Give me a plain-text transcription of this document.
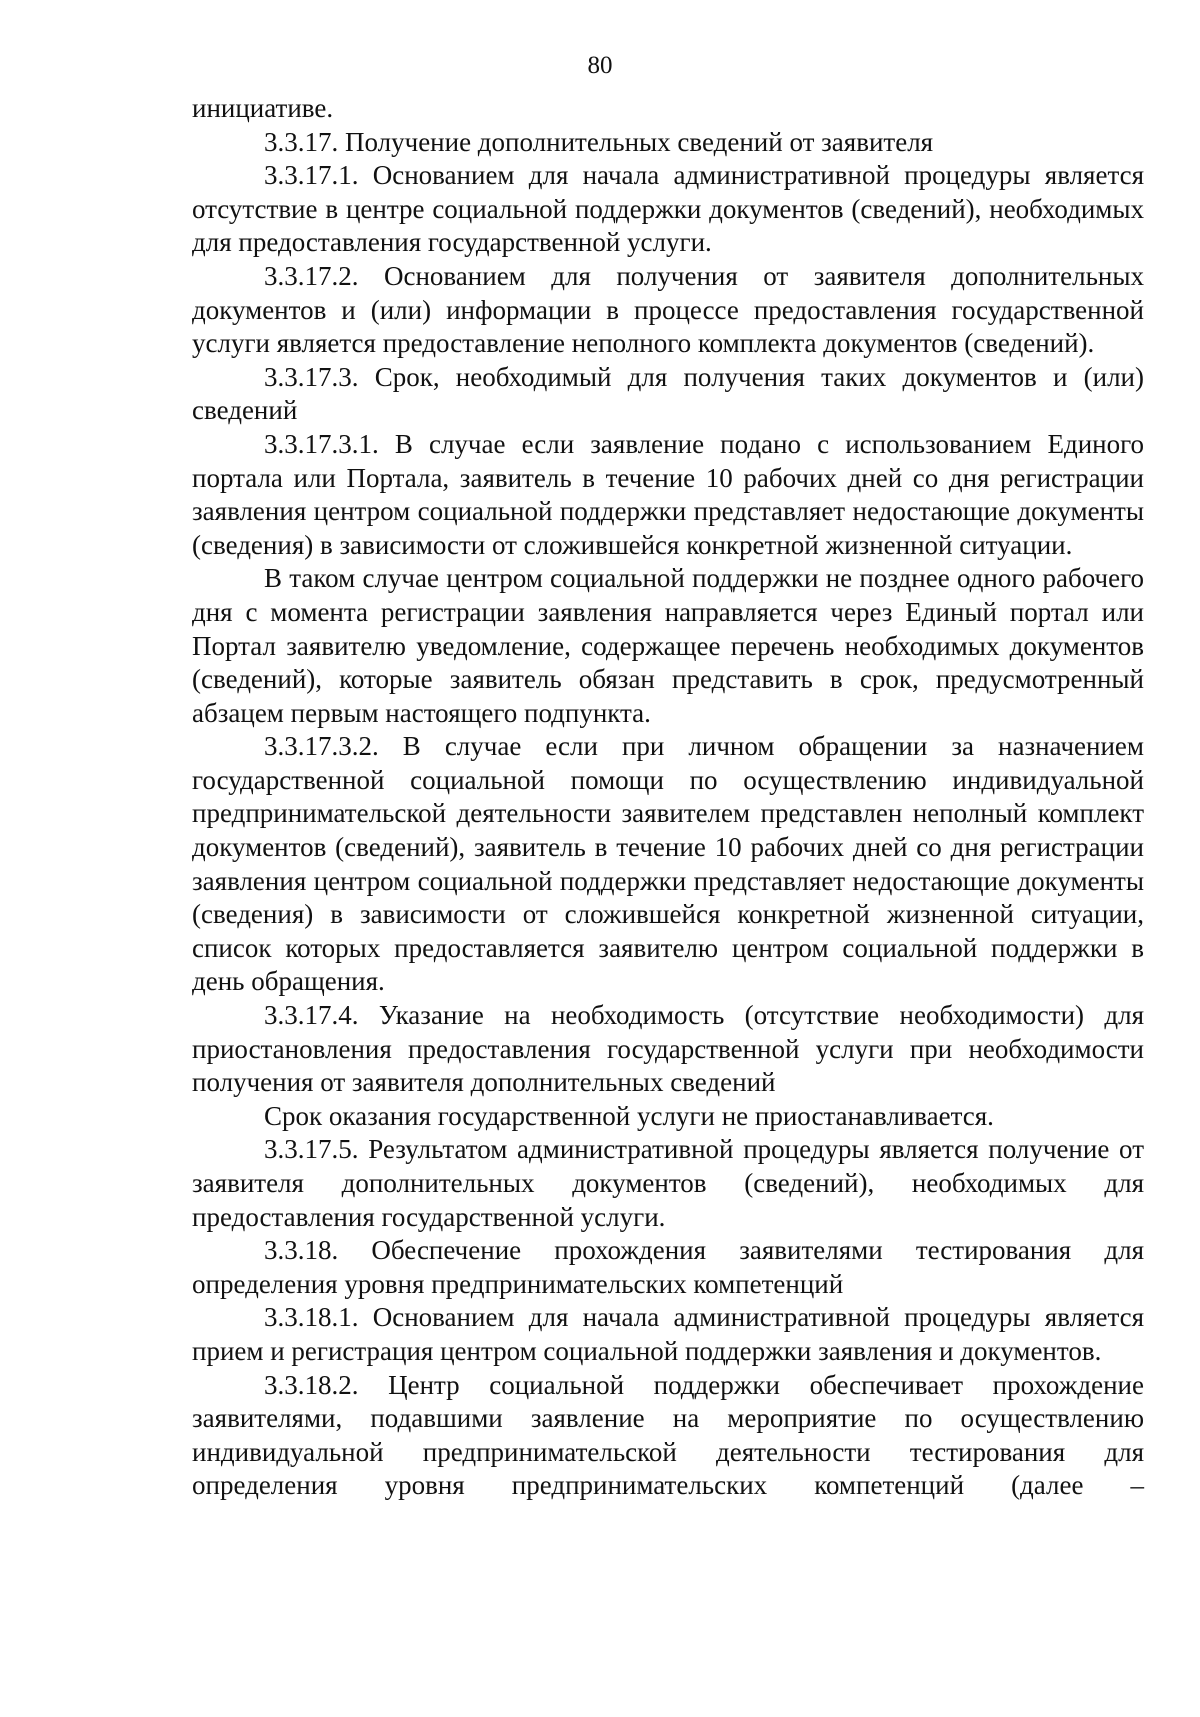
80

инициативе.

3.3.17. Получение дополнительных сведений от заявителя

3.3.17.1. Основанием для начала административной процедуры является отсутствие в центре социальной поддержки документов (сведений), необходимых для предоставления государственной услуги.

3.3.17.2. Основанием для получения от заявителя дополнительных документов и (или) информации в процессе предоставления государственной услуги является предоставление неполного комплекта документов (сведений).

3.3.17.3. Срок, необходимый для получения таких документов и (или) сведений

3.3.17.3.1. В случае если заявление подано с использованием Единого портала или Портала, заявитель в течение 10 рабочих дней со дня регистрации заявления центром социальной поддержки представляет недостающие документы (сведения) в зависимости от сложившейся конкретной жизненной ситуации.

В таком случае центром социальной поддержки не позднее одного рабочего дня с момента регистрации заявления направляется через Единый портал или Портал заявителю уведомление, содержащее перечень необходимых документов (сведений), которые заявитель обязан представить в срок, предусмотренный абзацем первым настоящего подпункта.

3.3.17.3.2. В случае если при личном обращении за назначением государственной социальной помощи по осуществлению индивидуальной предпринимательской деятельности заявителем представлен неполный комплект документов (сведений), заявитель в течение 10 рабочих дней со дня регистрации заявления центром социальной поддержки представляет недостающие документы (сведения) в зависимости от сложившейся конкретной жизненной ситуации, список которых предоставляется заявителю центром социальной поддержки в день обращения.

3.3.17.4. Указание на необходимость (отсутствие необходимости) для приостановления предоставления государственной услуги при необходимости получения от заявителя дополнительных сведений

Срок оказания государственной услуги не приостанавливается.

3.3.17.5. Результатом административной процедуры является получение от заявителя дополнительных документов (сведений), необходимых для предоставления государственной услуги.

3.3.18. Обеспечение прохождения заявителями тестирования для определения уровня предпринимательских компетенций

3.3.18.1. Основанием для начала административной процедуры является прием и регистрация центром социальной поддержки заявления и документов.

3.3.18.2. Центр социальной поддержки обеспечивает прохождение заявителями, подавшими заявление на мероприятие по осуществлению индивидуальной предпринимательской деятельности тестирования для определения уровня предпринимательских компетенций (далее –
